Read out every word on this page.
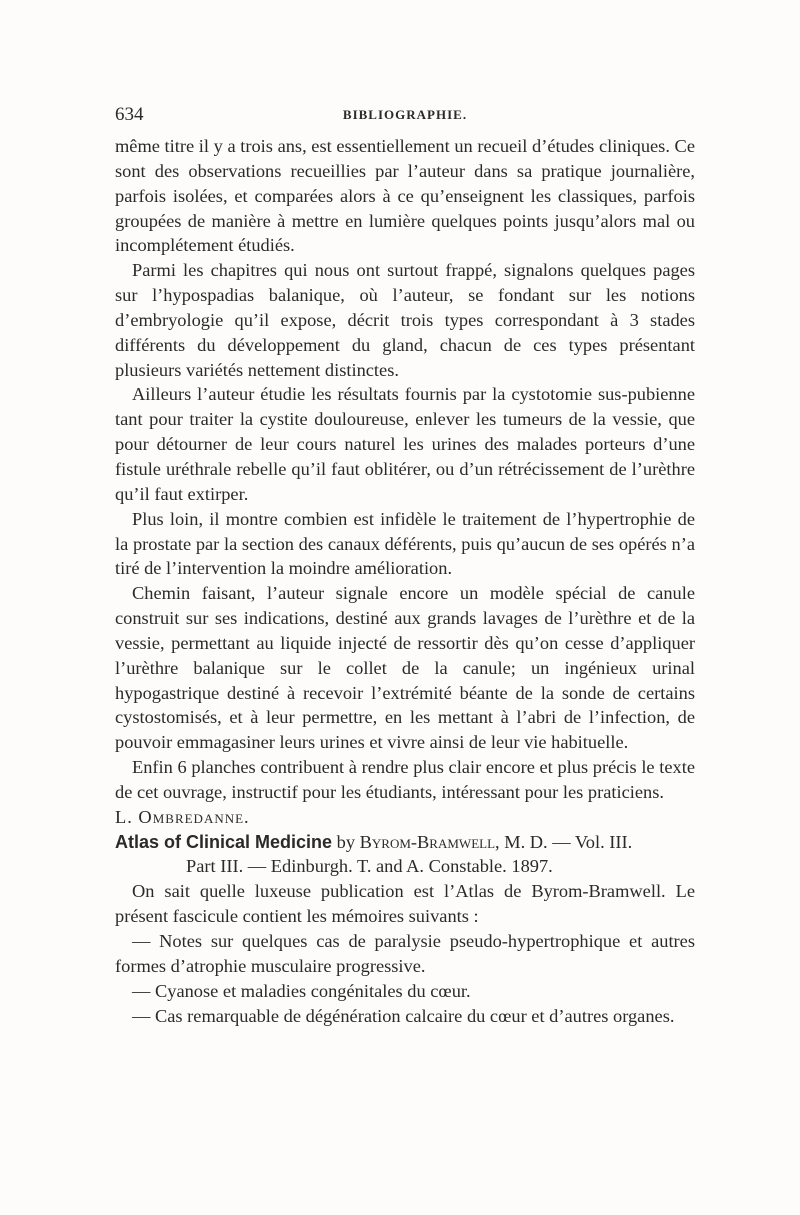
634	BIBLIOGRAPHIE.

même titre il y a trois ans, est essentiellement un recueil d’études cliniques. Ce sont des observations recueillies par l’auteur dans sa pratique journalière, parfois isolées, et comparées alors à ce qu’enseignent les classiques, parfois groupées de manière à mettre en lumière quelques points jusqu’alors mal ou incomplétement étudiés.

Parmi les chapitres qui nous ont surtout frappé, signalons quelques pages sur l’hypospadias balanique, où l’auteur, se fondant sur les notions d’embryologie qu’il expose, décrit trois types correspondant à 3 stades différents du développement du gland, chacun de ces types présentant plusieurs variétés nettement distinctes.

Ailleurs l’auteur étudie les résultats fournis par la cystotomie sus-pubienne tant pour traiter la cystite douloureuse, enlever les tumeurs de la vessie, que pour détourner de leur cours naturel les urines des malades porteurs d’une fistule uréthrale rebelle qu’il faut oblitérer, ou d’un rétrécissement de l’urèthre qu’il faut extirper.

Plus loin, il montre combien est infidèle le traitement de l’hypertrophie de la prostate par la section des canaux déférents, puis qu’aucun de ses opérés n’a tiré de l’intervention la moindre amélioration.

Chemin faisant, l’auteur signale encore un modèle spécial de canule construit sur ses indications, destiné aux grands lavages de l’urèthre et de la vessie, permettant au liquide injecté de ressortir dès qu’on cesse d’appliquer l’urèthre balanique sur le collet de la canule; un ingénieux urinal hypogastrique destiné à recevoir l’extrémité béante de la sonde de certains cystostomisés, et à leur permettre, en les mettant à l’abri de l’infection, de pouvoir emmagasiner leurs urines et vivre ainsi de leur vie habituelle.

Enfin 6 planches contribuent à rendre plus clair encore et plus précis le texte de cet ouvrage, instructif pour les étudiants, intéressant pour les praticiens.

L. Ombredanne.

Atlas of Clinical Medicine by Byrom-Bramwell, M. D. — Vol. III.
Part III. — Edinburgh. T. and A. Constable. 1897.

On sait quelle luxeuse publication est l’Atlas de Byrom-Bramwell. Le présent fascicule contient les mémoires suivants :

— Notes sur quelques cas de paralysie pseudo-hypertrophique et autres formes d’atrophie musculaire progressive.

— Cyanose et maladies congénitales du cœur.

— Cas remarquable de dégénération calcaire du cœur et d’autres organes.
